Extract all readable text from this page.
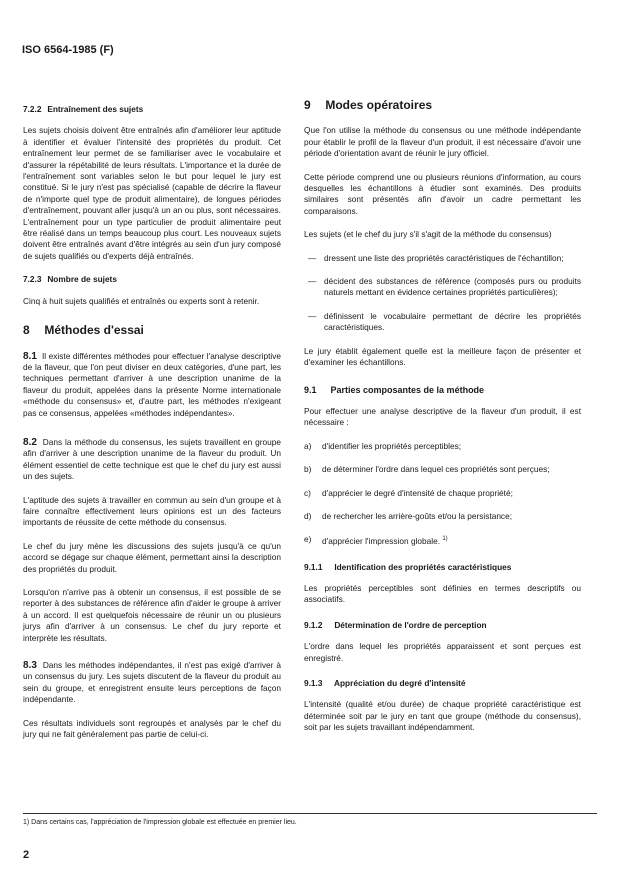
ISO 6564-1985 (F)
7.2.2 Entraînement des sujets

Les sujets choisis doivent être entraînés afin d'améliorer leur aptitude à identifier et évaluer l'intensité des propriétés du produit. Cet entraînement leur permet de se familiariser avec le vocabulaire et d'assurer la répétabilité de leurs résultats. L'importance et la durée de l'entraînement sont variables selon le but pour lequel le jury est constitué. Si le jury n'est pas spécialisé (capable de décrire la flaveur de n'importe quel type de produit alimentaire), de longues périodes d'entraînement, pouvant aller jusqu'à un an ou plus, sont nécessaires. L'entraînement pour un type particulier de produit alimentaire peut être réalisé dans un temps beaucoup plus court. Les nouveaux sujets doivent être entraînés avant d'être intégrés au sein d'un jury composé de sujets qualifiés ou d'experts déjà entraînés.

7.2.3 Nombre de sujets

Cinq à huit sujets qualifiés et entraînés ou experts sont à retenir.

8 Méthodes d'essai

8.1 Il existe différentes méthodes pour effectuer l'analyse descriptive de la flaveur, que l'on peut diviser en deux catégories, d'une part, les techniques permettant d'arriver à une description unanime de la flaveur du produit, appelées dans la présente Norme internationale «méthode du consensus» et, d'autre part, les méthodes n'exigeant pas ce consensus, appelées «méthodes indépendantes».

8.2 Dans la méthode du consensus, les sujets travaillent en groupe afin d'arriver à une description unanime de la flaveur du produit. Un élément essentiel de cette technique est que le chef du jury est aussi un des sujets.

L'aptitude des sujets à travailler en commun au sein d'un groupe et à faire connaître effectivement leurs opinions est un des facteurs importants de réussite de cette méthode du consensus.

Le chef du jury mène les discussions des sujets jusqu'à ce qu'un accord se dégage sur chaque élément, permettant ainsi la description des propriétés du produit.

Lorsqu'on n'arrive pas à obtenir un consensus, il est possible de se reporter à des substances de référence afin d'aider le groupe à arriver à un accord. Il est quelquefois nécessaire de réunir un ou plusieurs jurys afin d'arriver à un consensus. Le chef du jury reporte et interprète les résultats.

8.3 Dans les méthodes indépendantes, il n'est pas exigé d'arriver à un consensus du jury. Les sujets discutent de la flaveur du produit au sein du groupe, et enregistrent ensuite leurs perceptions de façon indépendante.

Ces résultats individuels sont regroupés et analysés par le chef du jury qui ne fait généralement pas partie de celui-ci.

9 Modes opératoires

Que l'on utilise la méthode du consensus ou une méthode indépendante pour établir le profil de la flaveur d'un produit, il est nécessaire d'avoir une période d'orientation avant de réunir le jury officiel.

Cette période comprend une ou plusieurs réunions d'information, au cours desquelles les échantillons à étudier sont examinés. Des produits similaires sont présentés afin d'avoir un cadre permettant les comparaisons.

Les sujets (et le chef du jury s'il s'agit de la méthode du consensus)

— dressent une liste des propriétés caractéristiques de l'échantillon;
— décident des substances de référence (composés purs ou produits naturels mettant en évidence certaines propriétés particulières);
— définissent le vocabulaire permettant de décrire les propriétés caractéristiques.

Le jury établit également quelle est la meilleure façon de présenter et d'examiner les échantillons.

9.1 Parties composantes de la méthode

Pour effectuer une analyse descriptive de la flaveur d'un produit, il est nécessaire :

a)	d'identifier les propriétés perceptibles;
b)	de déterminer l'ordre dans lequel ces propriétés sont perçues;
c)	d'apprécier le degré d'intensité de chaque propriété;
d)	de rechercher les arrière-goûts et/ou la persistance;
e)	d'apprécier l'impression globale. $^{1)}$
9.1.1 Identification des propriétés caractéristiques

Les propriétés perceptibles sont définies en termes descriptifs ou associatifs.

9.1.2 Détermination de l'ordre de perception

L'ordre dans lequel les propriétés apparaissent et sont perçues est enregistré.

9.1.3 Appréciation du degré d'intensité

L'intensité (qualité et/ou durée) de chaque propriété caractéristique est déterminée soit par le jury en tant que groupe (méthode du consensus), soit par les sujets travaillant indépendamment.

1) Dans certains cas, l'appréciation de l'impression globale est effectuée en premier lieu.
2
